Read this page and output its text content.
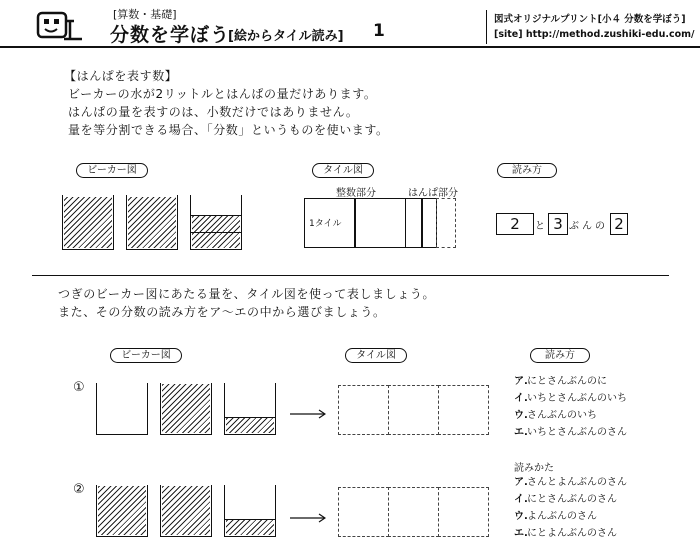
[算数・基礎]
分数を学ぼう
[絵からタイル読み] 1
図式オリジナルプリント[小４ 分数を学ぼう]
[site] http://method.zushiki-edu.com/
【はんぱを表す数】
ビーカーの水が2リットルとはんぱの量だけあります。
はんぱの量を表すのは、小数だけではありません。
量を等分割できる場合、「分数」というものを使います。
ビーカー図	タイル図	読み方
整数部分	はんぱ部分
1タイル	2	と 3 ぶんの 2
つぎのビーカー図にあたる量を、タイル図を使って表しましょう。
また、その分数の読み方をア〜エの中から選びましょう。
ビーカー図	タイル図	読み方
①	ア.にとさんぶんのに
イ.いちとさんぶんのいち
ウ.さんぶんのいち
エ.いちとさんぶんのさん
②
読みかた
ア.さんとよんぶんのさん
イ.にとさんぶんのさん
ウ.よんぶんのさん
エ.にとよんぶんのさん
